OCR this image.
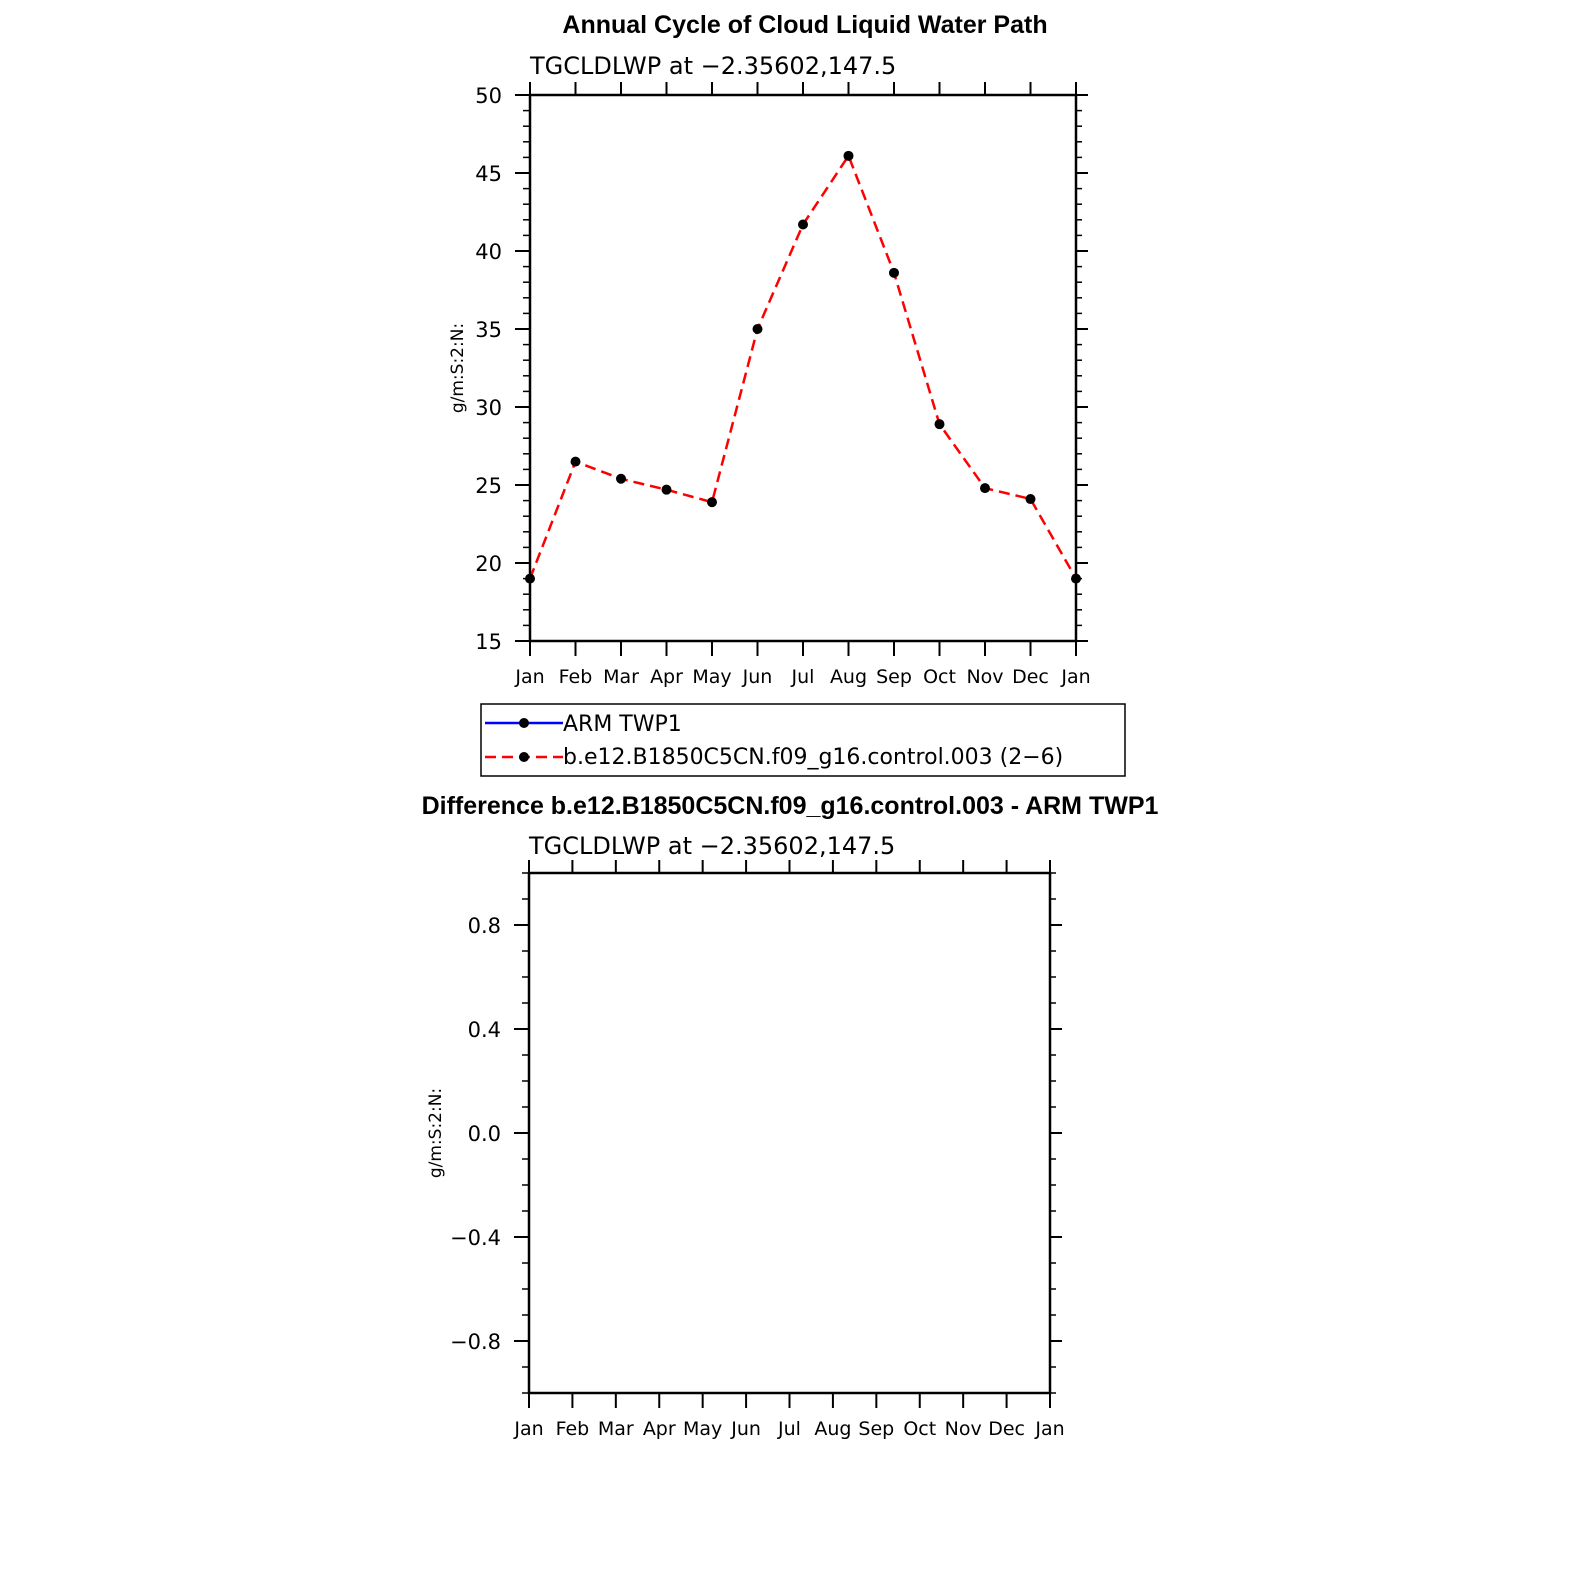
Annual Cycle of Cloud Liquid Water Path
TGCLDLWP at −2.35602,147.5
g/m:S:2:N:
50
45
40
35
30
25
20
15
Jan Feb Mar Apr May Jun Jul Aug Sep Oct Nov Dec Jan
ARM TWP1
b.e12.B1850C5CN.f09_g16.control.003 (2−6)
Difference b.e12.B1850C5CN.f09_g16.control.003 - ARM TWP1
TGCLDLWP at −2.35602,147.5
g/m:S:2:N:
0.8
0.4
0.0
−0.4
−0.8
Jan Feb Mar Apr May Jun Jul Aug Sep Oct Nov Dec Jan
